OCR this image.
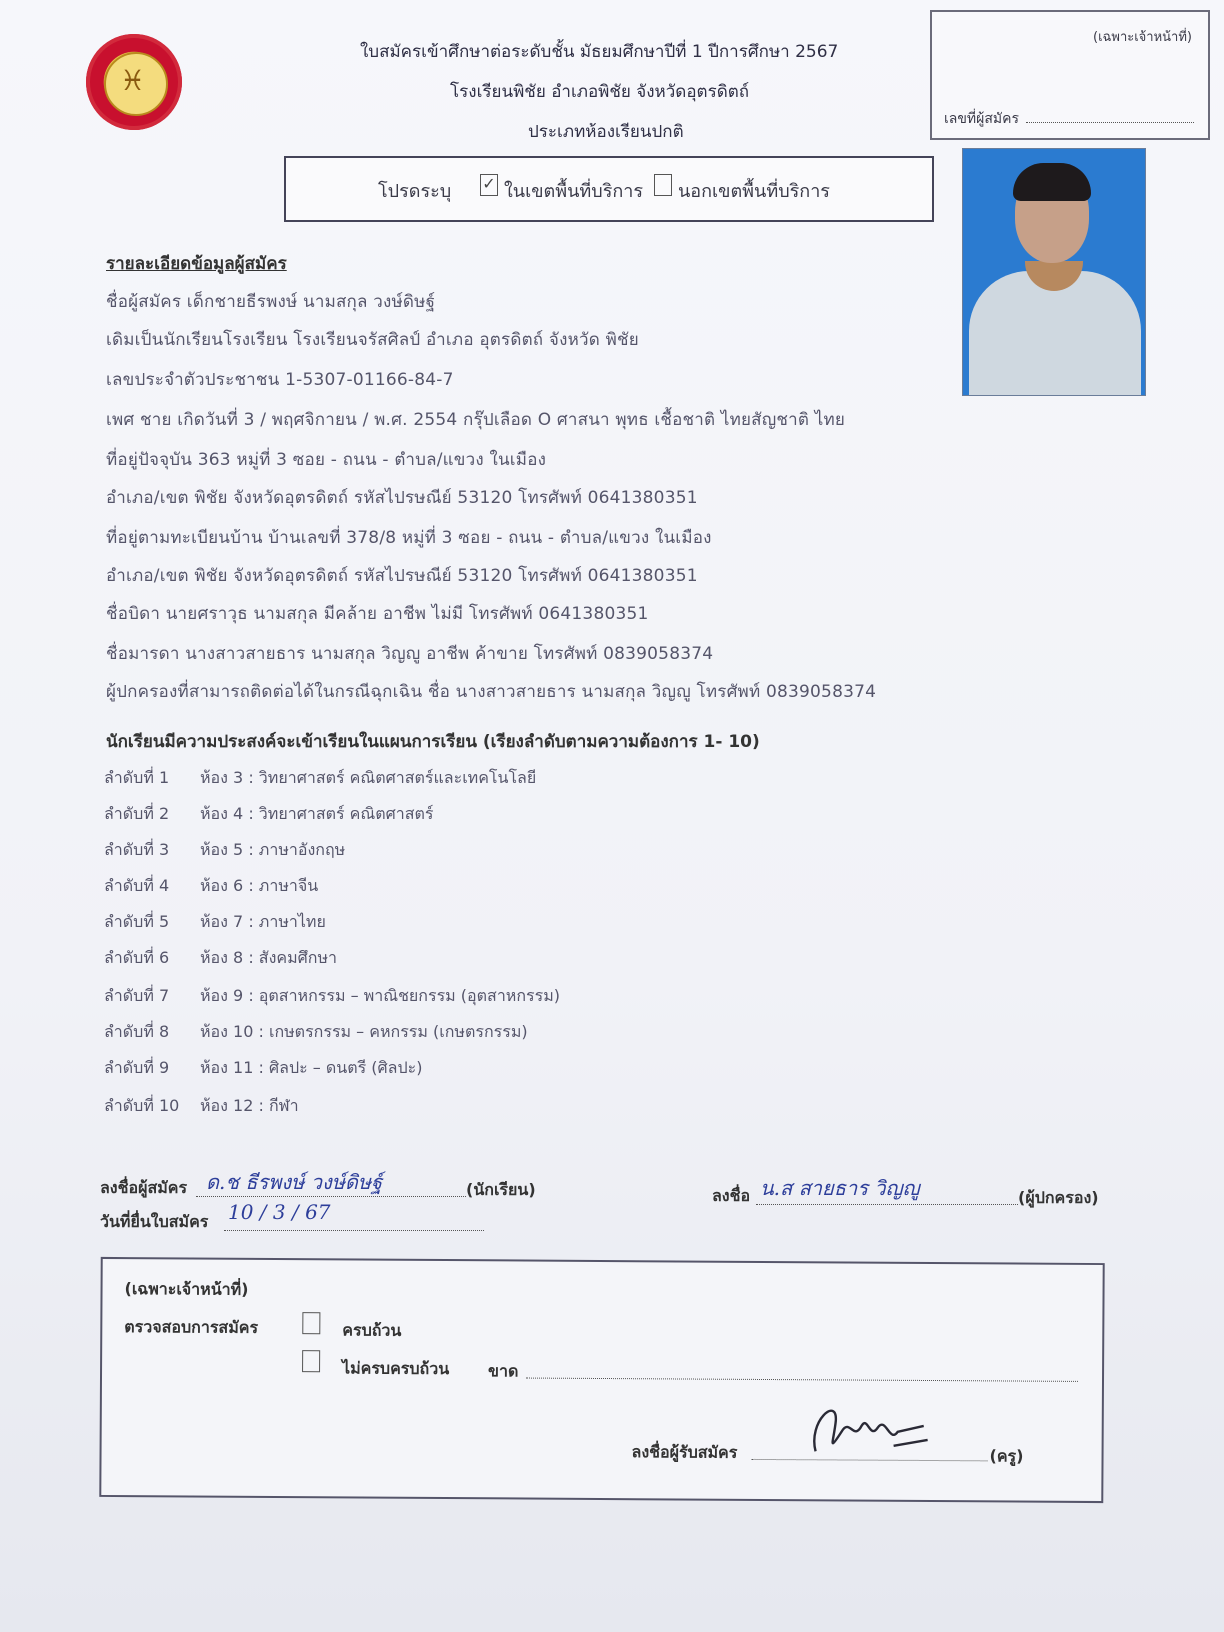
♓
ใบสมัครเข้าศึกษาต่อระดับชั้น มัธยมศึกษาปีที่ 1 ปีการศึกษา 2567
โรงเรียนพิชัย อำเภอพิชัย จังหวัดอุตรดิตถ์
ประเภทห้องเรียนปกติ
(เฉพาะเจ้าหน้าที่)
เลขที่ผู้สมัคร
โปรดระบุ ✓ ในเขตพื้นที่บริการ นอกเขตพื้นที่บริการ
รายละเอียดข้อมูลผู้สมัคร
ชื่อผู้สมัคร เด็กชายธีรพงษ์ นามสกุล วงษ์ดิษฐ์
เดิมเป็นนักเรียนโรงเรียน โรงเรียนจรัสศิลป์ อำเภอ อุตรดิตถ์ จังหวัด พิชัย
เลขประจำตัวประชาชน 1-5307-01166-84-7
เพศ ชาย เกิดวันที่ 3 / พฤศจิกายน / พ.ศ. 2554 กรุ๊ปเลือด O ศาสนา พุทธ เชื้อชาติ ไทยสัญชาติ ไทย
ที่อยู่ปัจจุบัน 363 หมู่ที่ 3 ซอย - ถนน - ตำบล/แขวง ในเมือง
อำเภอ/เขต พิชัย จังหวัดอุตรดิตถ์ รหัสไปรษณีย์ 53120 โทรศัพท์ 0641380351
ที่อยู่ตามทะเบียนบ้าน บ้านเลขที่ 378/8 หมู่ที่ 3 ซอย - ถนน - ตำบล/แขวง ในเมือง
อำเภอ/เขต พิชัย จังหวัดอุตรดิตถ์ รหัสไปรษณีย์ 53120 โทรศัพท์ 0641380351
ชื่อบิดา นายศราวุธ นามสกุล มีคล้าย อาชีพ ไม่มี โทรศัพท์ 0641380351
ชื่อมารดา นางสาวสายธาร นามสกุล วิญญู อาชีพ ค้าขาย โทรศัพท์ 0839058374
ผู้ปกครองที่สามารถติดต่อได้ในกรณีฉุกเฉิน ชื่อ นางสาวสายธาร นามสกุล วิญญู โทรศัพท์ 0839058374
นักเรียนมีความประสงค์จะเข้าเรียนในแผนการเรียน (เรียงลำดับตามความต้องการ 1- 10)
ลำดับที่ 1 ห้อง 3 : วิทยาศาสตร์ คณิตศาสตร์และเทคโนโลยี
ลำดับที่ 2 ห้อง 4 : วิทยาศาสตร์ คณิตศาสตร์
ลำดับที่ 3 ห้อง 5 : ภาษาอังกฤษ
ลำดับที่ 4 ห้อง 6 : ภาษาจีน
ลำดับที่ 5 ห้อง 7 : ภาษาไทย
ลำดับที่ 6 ห้อง 8 : สังคมศึกษา
ลำดับที่ 7 ห้อง 9 : อุตสาหกรรม – พาณิชยกรรม (อุตสาหกรรม)
ลำดับที่ 8 ห้อง 10 : เกษตรกรรม – คหกรรม (เกษตรกรรม)
ลำดับที่ 9 ห้อง 11 : ศิลปะ – ดนตรี (ศิลปะ)
ลำดับที่ 10 ห้อง 12 : กีฬา
ลงชื่อผู้สมัคร ด.ช ธีรพงษ์ วงษ์ดิษฐ์	(นักเรียน)
วันที่ยื่นใบสมัคร 10 / 3 / 67
ลงชื่อ น.ส สายธาร วิญญู	(ผู้ปกครอง)
(เฉพาะเจ้าหน้าที่)
ตรวจสอบการสมัคร	ครบถ้วน
ไม่ครบครบถ้วน ขาด
ลงชื่อผู้รับสมัคร	(ครู)
